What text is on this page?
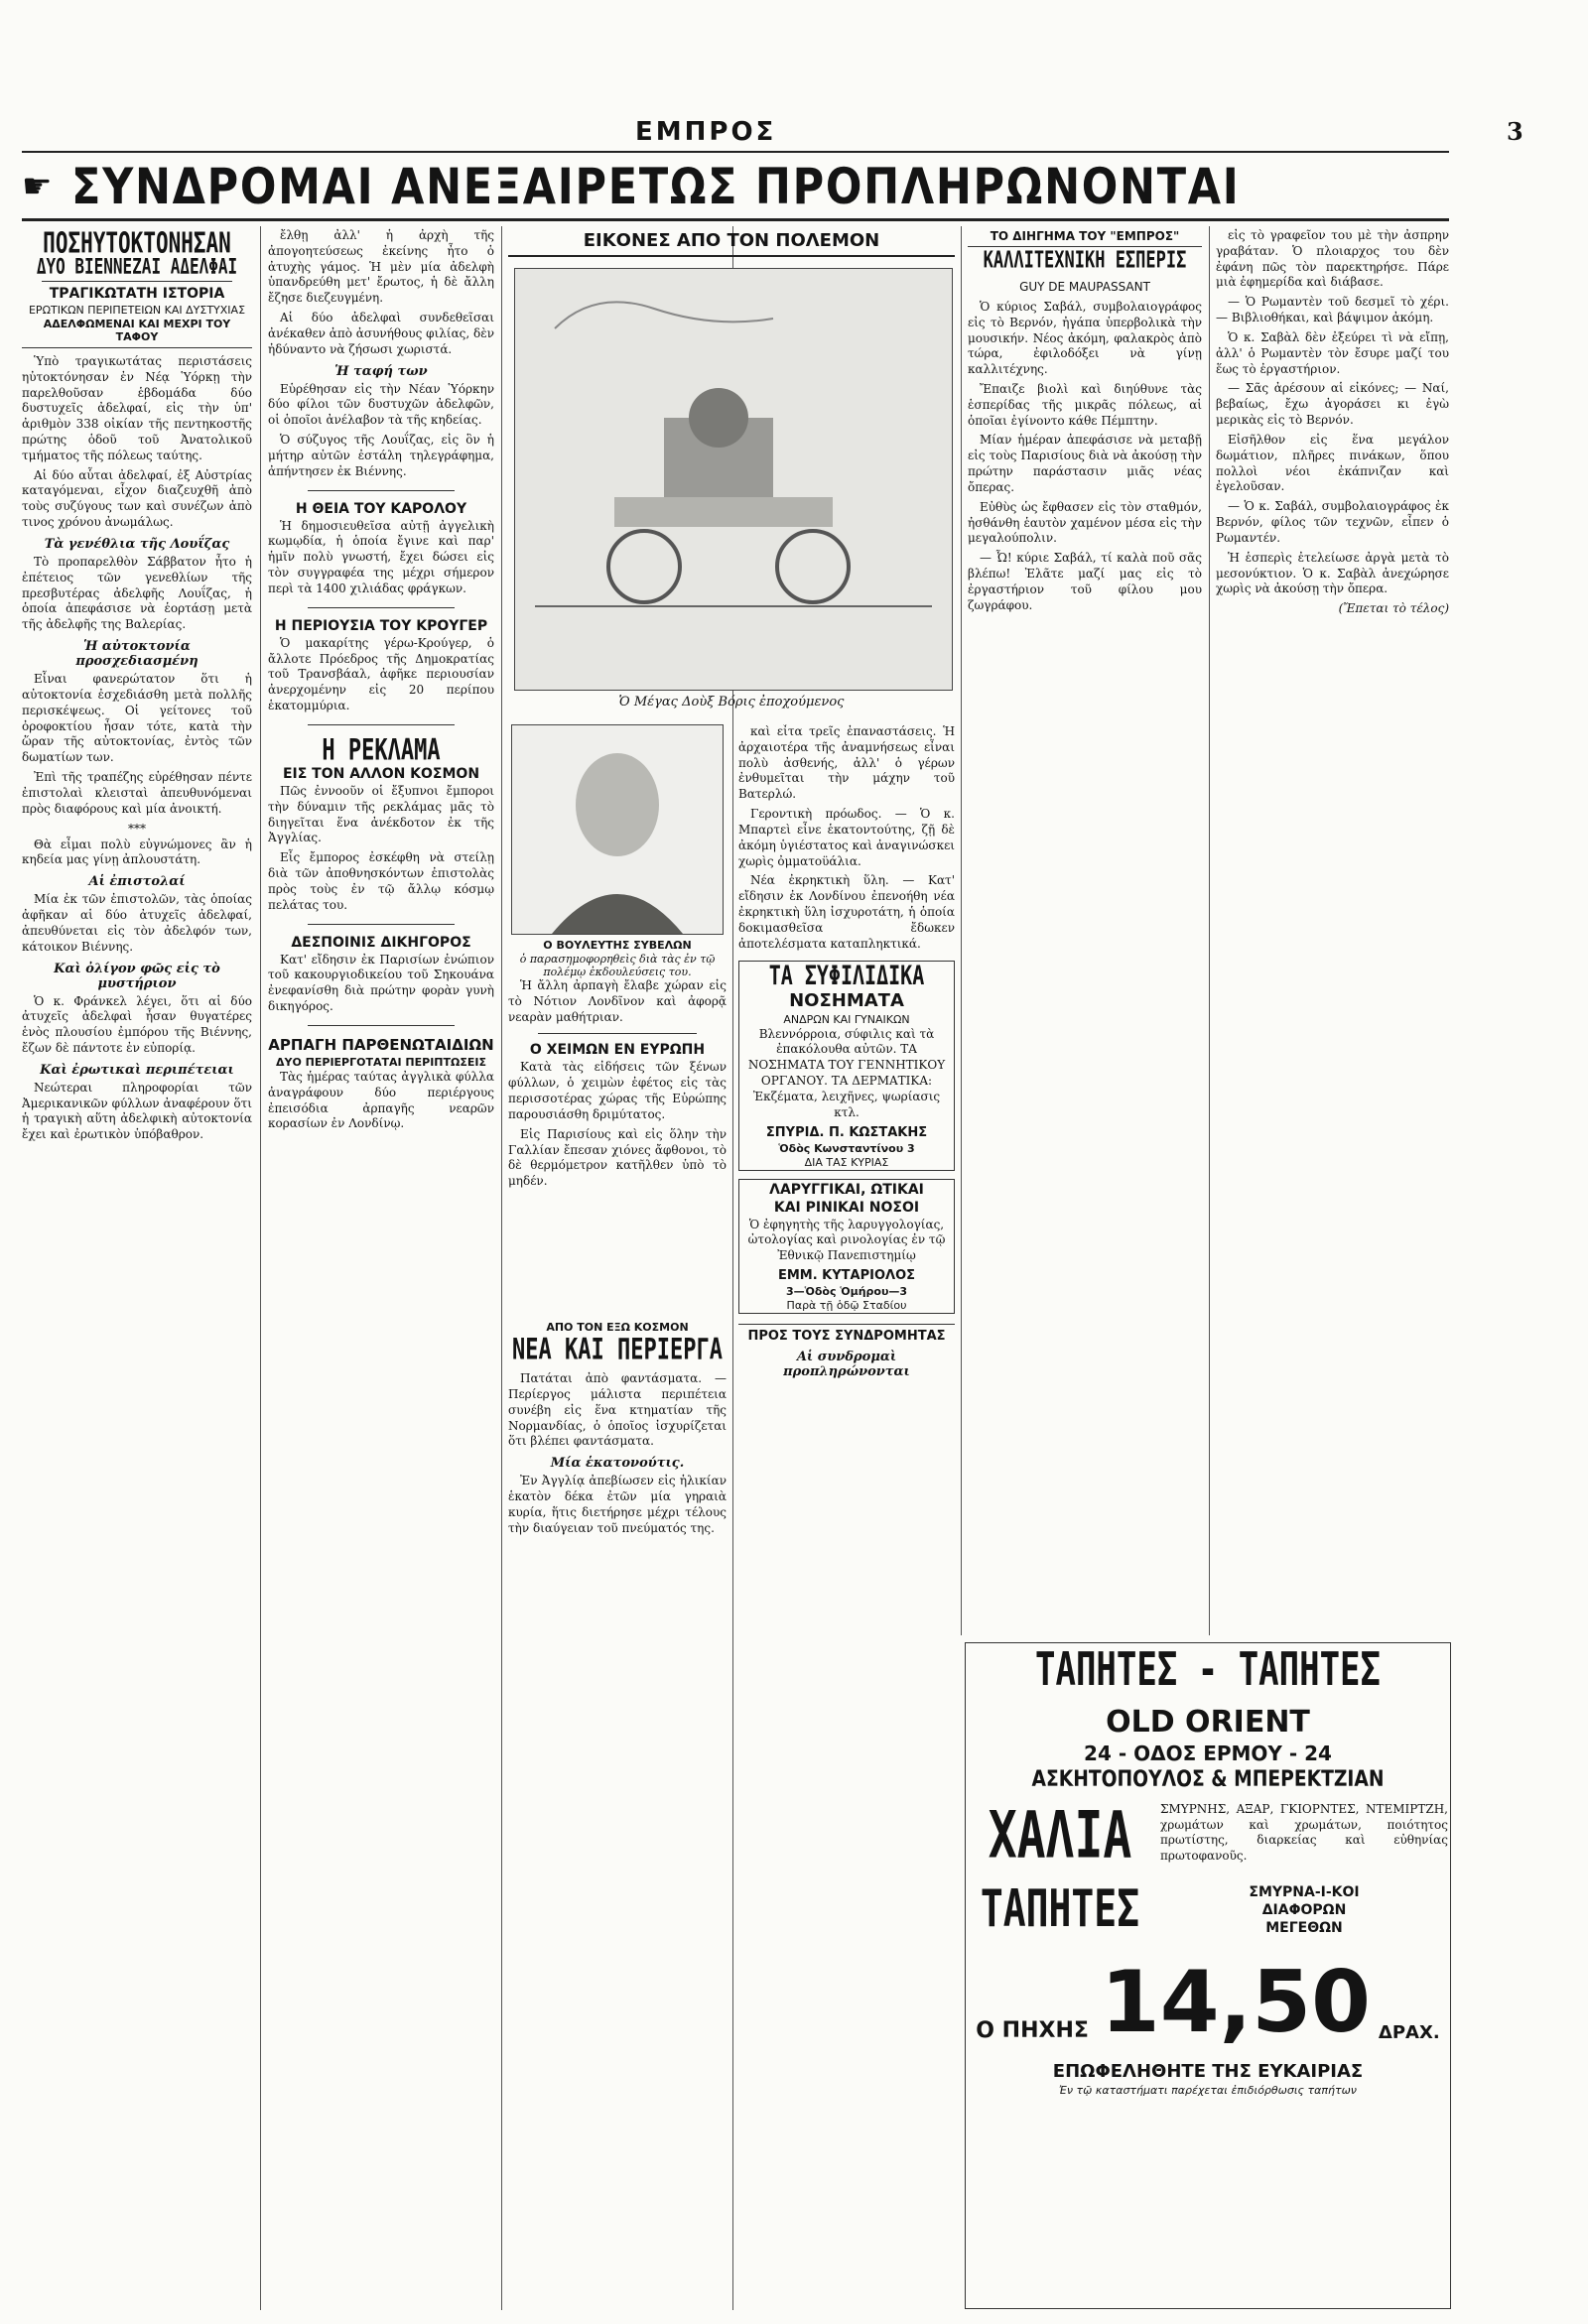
ΕΜΠΡΟΣ	3
☛ ΣΥΝΔΡΟΜΑΙ ΑΝΕΞΑΙΡΕΤΩΣ ΠΡΟΠΛΗΡΩΝΟΝΤΑΙ
ΠΟΣΗΥΤΟΚΤΟΝΗΣΑΝ
ΔΥΟ ΒΙΕΝΝΕΖΑΙ ΑΔΕΛΦΑΙ
ΤΡΑΓΙΚΩΤΑΤΗ ΙΣΤΟΡΙΑ
ΕΡΩΤΙΚΩΝ ΠΕΡΙΠΕΤΕΙΩΝ ΚΑΙ ΔΥΣΤΥΧΙΑΣ
ΑΔΕΛΦΩΜΕΝΑΙ ΚΑΙ ΜΕΧΡΙ ΤΟΥ ΤΑΦΟΥ

Ὑπὸ τραγικωτάτας περιστάσεις ηὐτοκτόνησαν ἐν Νέᾳ Ὑόρκῃ τὴν παρελθοῦσαν ἑβδομάδα δύο δυστυχεῖς ἀδελφαί, εἰς τὴν ὑπ' ἀριθμὸν 338 οἰκίαν τῆς πεντηκοστῆς πρώτης ὁδοῦ τοῦ Ἀνατολικοῦ τμήματος τῆς πόλεως ταύτης.

Αἱ δύο αὗται ἀδελφαί, ἐξ Αὐστρίας καταγόμεναι, εἶχον διαζευχθῆ ἀπὸ τοὺς συζύγους των καὶ συνέζων ἀπὸ τινος χρόνου ἀνωμάλως.

Τὰ γενέθλια τῆς Λουΐζας

Τὸ προπαρελθὸν Σάββατον ἦτο ἡ ἐπέτειος τῶν γενεθλίων τῆς πρεσβυτέρας ἀδελφῆς Λουΐζας, ἡ ὁποία ἀπεφάσισε νὰ ἑορτάσῃ μετὰ τῆς ἀδελφῆς της Βαλερίας.

Ἡ αὐτοκτονία προσχεδιασμένη

Εἶναι φανερώτατον ὅτι ἡ αὐτοκτονία ἐσχεδιάσθη μετὰ πολλῆς περισκέψεως. Οἱ γείτονες τοῦ ὀροφοκτίου ἦσαν τότε, κατὰ τὴν ὥραν τῆς αὐτοκτονίας, ἐντὸς τῶν δωματίων των.

Ἐπὶ τῆς τραπέζης εὑρέθησαν πέντε ἐπιστολαὶ κλεισταὶ ἀπευθυνόμεναι πρὸς διαφόρους καὶ μία ἀνοικτή.

***

Θὰ εἶμαι πολὺ εὐγνώμονες ἂν ἡ κηδεία μας γίνῃ ἀπλουστάτη.

Αἱ ἐπιστολαί

Μία ἐκ τῶν ἐπιστολῶν, τὰς ὁποίας ἀφῆκαν αἱ δύο ἀτυχεῖς ἀδελφαί, ἀπευθύνεται εἰς τὸν ἀδελφόν των, κάτοικον Βιέννης.

Καὶ ὀλίγον φῶς εἰς τὸ μυστήριον

Ὁ κ. Φράνκελ λέγει, ὅτι αἱ δύο ἀτυχεῖς ἀδελφαὶ ἦσαν θυγατέρες ἑνὸς πλουσίου ἐμπόρου τῆς Βιέννης, ἔζων δὲ πάντοτε ἐν εὐπορίᾳ.

Καὶ ἐρωτικαὶ περιπέτειαι

Νεώτεραι πληροφορίαι τῶν Ἀμερικανικῶν φύλλων ἀναφέρουν ὅτι ἡ τραγικὴ αὕτη ἀδελφικὴ αὐτοκτονία ἔχει καὶ ἐρωτικὸν ὑπόβαθρον.

ἔλθῃ ἀλλ' ἡ ἀρχὴ τῆς ἀπογοητεύσεως ἐκείνης ἦτο ὁ ἀτυχὴς γάμος. Ἡ μὲν μία ἀδελφὴ ὑπανδρεύθη μετ' ἔρωτος, ἡ δὲ ἄλλη ἔζησε διεζευγμένη.

Αἱ δύο ἀδελφαὶ συνδεθεῖσαι ἀνέκαθεν ἀπὸ ἀσυνήθους φιλίας, δὲν ἠδύναντο νὰ ζήσωσι χωριστά.

Ἡ ταφή των

Εὑρέθησαν εἰς τὴν Νέαν Ὑόρκην δύο φίλοι τῶν δυστυχῶν ἀδελφῶν, οἱ ὁποῖοι ἀνέλαβον τὰ τῆς κηδείας.

Ὁ σύζυγος τῆς Λουΐζας, εἰς ὃν ἡ μήτηρ αὐτῶν ἐστάλη τηλεγράφημα, ἀπήντησεν ἐκ Βιέννης.

Η ΘΕΙΑ ΤΟΥ ΚΑΡΟΛΟΥ

Ἡ δημοσιευθεῖσα αὐτῇ ἀγγελικὴ κωμῳδία, ἡ ὁποία ἔγινε καὶ παρ' ἡμῖν πολὺ γνωστή, ἔχει δώσει εἰς τὸν συγγραφέα της μέχρι σήμερον περὶ τὰ 1400 χιλιάδας φράγκων.

Η ΠΕΡΙΟΥΣΙΑ ΤΟΥ ΚΡΟΥΓΕΡ

Ὁ μακαρίτης γέρω-Κρούγερ, ὁ ἄλλοτε Πρόεδρος τῆς Δημοκρατίας τοῦ Τρανσβάαλ, ἀφῆκε περιουσίαν ἀνερχομένην εἰς 20 περίπου ἑκατομμύρια.

Η ΡΕΚΛΑΜΑ
ΕΙΣ ΤΟΝ ΑΛΛΟΝ ΚΟΣΜΟΝ

Πῶς ἐννοοῦν οἱ ἔξυπνοι ἔμποροι τὴν δύναμιν τῆς ρεκλάμας μᾶς τὸ διηγεῖται ἕνα ἀνέκδοτον ἐκ τῆς Ἀγγλίας.

Εἶς ἔμπορος ἐσκέφθη νὰ στείλῃ διὰ τῶν ἀποθνησκόντων ἐπιστολὰς πρὸς τοὺς ἐν τῷ ἄλλῳ κόσμῳ πελάτας του.

ΔΕΣΠΟΙΝΙΣ ΔΙΚΗΓΟΡΟΣ

Κατ' εἴδησιν ἐκ Παρισίων ἐνώπιον τοῦ κακουργιοδικείου τοῦ Σηκουάνα ἐνεφανίσθη διὰ πρώτην φορὰν γυνὴ δικηγόρος.

ΑΡΠΑΓΗ ΠΑΡΘΕΝΩΤΑΙΔΙΩΝ
ΔΥΟ ΠΕΡΙΕΡΓΟΤΑΤΑΙ ΠΕΡΙΠΤΩΣΕΙΣ

Τὰς ἡμέρας ταύτας ἀγγλικὰ φύλλα ἀναγράφουν δύο περιέργους ἐπεισόδια ἀρπαγῆς νεαρῶν κορασίων ἐν Λονδίνῳ.

ΕΙΚΟΝΕΣ ΑΠΟ ΤΟΝ ΠΟΛΕΜΟΝ
Ὁ Μέγας Δοὺξ Βόρις ἐποχούμενος
Ο ΒΟΥΛΕΥΤΗΣ ΣΥΒΕΛΩΝ
ὁ παρασημοφορηθεὶς διὰ τὰς ἐν τῷ πολέμῳ ἐκδουλεύσεις του.

Ἡ ἄλλη ἀρπαγὴ ἔλαβε χώραν εἰς τὸ Νότιον Λονδῖνον καὶ ἀφορᾷ νεαρὰν μαθήτριαν.

Ο ΧΕΙΜΩΝ ΕΝ ΕΥΡΩΠΗ

Κατὰ τὰς εἰδήσεις τῶν ξένων φύλλων, ὁ χειμὼν ἐφέτος εἰς τὰς περισσοτέρας χώρας τῆς Εὐρώπης παρουσιάσθη δριμύτατος.

Εἰς Παρισίους καὶ εἰς ὅλην τὴν Γαλλίαν ἔπεσαν χιόνες ἄφθονοι, τὸ δὲ θερμόμετρον κατῆλθεν ὑπὸ τὸ μηδέν.

ΑΠΟ ΤΟΝ ΕΞΩ ΚΟΣΜΟΝ
ΝΕΑ ΚΑΙ ΠΕΡΙΕΡΓΑ

Πατάται ἀπὸ φαντάσματα. — Περίεργος μάλιστα περιπέτεια συνέβη εἰς ἕνα κτηματίαν τῆς Νορμανδίας, ὁ ὁποῖος ἰσχυρίζεται ὅτι βλέπει φαντάσματα.

Μία ἑκατονούτις.

Ἐν Ἀγγλίᾳ ἀπεβίωσεν εἰς ἡλικίαν ἑκατὸν δέκα ἐτῶν μία γηραιὰ κυρία, ἥτις διετήρησε μέχρι τέλους τὴν διαύγειαν τοῦ πνεύματός της.

καὶ εἶτα τρεῖς ἐπαναστάσεις. Ἡ ἀρχαιοτέρα τῆς ἀναμνήσεως εἶναι πολὺ ἀσθενής, ἀλλ' ὁ γέρων ἐνθυμεῖται τὴν μάχην τοῦ Βατερλώ.

Γεροντικὴ πρόωδος. — Ὁ κ. Μπαρτεὶ εἶνε ἑκατοντούτης, ζῇ δὲ ἀκόμη ὑγιέστατος καὶ ἀναγινώσκει χωρὶς ὀμματοϋάλια.

Νέα ἐκρηκτικὴ ὕλη. — Κατ' εἴδησιν ἐκ Λονδίνου ἐπενοήθη νέα ἐκρηκτικὴ ὕλη ἰσχυροτάτη, ἡ ὁποία δοκιμασθεῖσα ἔδωκεν ἀποτελέσματα καταπληκτικά.

ΤΑ ΣΥΦΙΛΙΔΙΚΑ
ΝΟΣΗΜΑΤΑ
ΑΝΔΡΩΝ ΚΑΙ ΓΥΝΑΙΚΩΝ

Βλεννόρροια, σύφιλις καὶ τὰ ἐπακόλουθα αὐτῶν. ΤΑ ΝΟΣΗΜΑΤΑ ΤΟΥ ΓΕΝΝΗΤΙΚΟΥ ΟΡΓΑΝΟΥ. ΤΑ ΔΕΡΜΑΤΙΚΑ: Ἐκζέματα, λειχῆνες, ψωρίασις κτλ.

ΣΠΥΡΙΔ. Π. ΚΩΣΤΑΚΗΣ
Ὁδὸς Κωνσταντίνου 3
ΔΙΑ ΤΑΣ ΚΥΡΙΑΣ
ΛΑΡΥΓΓΙΚΑΙ, ΩΤΙΚΑΙ
ΚΑΙ ΡΙΝΙΚΑΙ ΝΟΣΟΙ

Ὁ ἐφηγητὴς τῆς λαρυγγολογίας, ὠτολογίας καὶ ρινολογίας ἐν τῷ Ἐθνικῷ Πανεπιστημίῳ

ΕΜΜ. ΚΥΤΑΡΙΟΛΟΣ
3—Ὁδὸς Ὁμήρου—3
Παρὰ τῇ ὁδῷ Σταδίου
ΠΡΟΣ ΤΟΥΣ ΣΥΝΔΡΟΜΗΤΑΣ
Αἱ συνδρομαὶ προπληρώνονται
ΤΟ ΔΙΗΓΗΜΑ ΤΟΥ "ΕΜΠΡΟΣ"
ΚΑΛΛΙΤΕΧΝΙΚΗ ΕΣΠΕΡΙΣ
GUY DE MAUPASSANT

Ὁ κύριος Σαβάλ, συμβολαιογράφος εἰς τὸ Βερνόν, ἠγάπα ὑπερβολικὰ τὴν μουσικήν. Νέος ἀκόμη, φαλακρὸς ἀπὸ τώρα, ἐφιλοδόξει νὰ γίνῃ καλλιτέχνης.

Ἔπαιζε βιολὶ καὶ διηύθυνε τὰς ἑσπερίδας τῆς μικρᾶς πόλεως, αἱ ὁποῖαι ἐγίνοντο κάθε Πέμπτην.

Μίαν ἡμέραν ἀπεφάσισε νὰ μεταβῇ εἰς τοὺς Παρισίους διὰ νὰ ἀκούσῃ τὴν πρώτην παράστασιν μιᾶς νέας ὄπερας.

Εὐθὺς ὡς ἔφθασεν εἰς τὸν σταθμόν, ἠσθάνθη ἑαυτὸν χαμένον μέσα εἰς τὴν μεγαλούπολιν.

— Ὦ! κύριε Σαβάλ, τί καλὰ ποῦ σᾶς βλέπω! Ἐλᾶτε μαζί μας εἰς τὸ ἐργαστήριον τοῦ φίλου μου ζωγράφου.

εἰς τὸ γραφεῖον του μὲ τὴν ἀσπρην γραβάταν. Ὁ πλοιαρχος του δὲν ἐφάνη πῶς τὸν παρεκτηρήσε. Πάρε μιὰ ἐφημερίδα καὶ διάβασε.

— Ὁ Ρωμαντὲν τοῦ δεσμεῖ τὸ χέρι. — Βιβλιοθήκαι, καὶ βάψιμον ἀκόμη.

Ὁ κ. Σαβὰλ δὲν ἐξεύρει τὶ νὰ εἴπῃ, ἀλλ' ὁ Ρωμαντὲν τὸν ἔσυρε μαζί του ἕως τὸ ἐργαστήριον.

— Σᾶς ἀρέσουν αἱ εἰκόνες; — Ναί, βεβαίως, ἔχω ἀγοράσει κι ἐγὼ μερικὰς εἰς τὸ Βερνόν.

Εἰσῆλθον εἰς ἕνα μεγάλον δωμάτιον, πλῆρες πινάκων, ὅπου πολλοὶ νέοι ἐκάπνιζαν καὶ ἐγελοῦσαν.

— Ὁ κ. Σαβάλ, συμβολαιογράφος ἐκ Βερνόν, φίλος τῶν τεχνῶν, εἶπεν ὁ Ρωμαντέν.

Ἡ ἑσπερὶς ἐτελείωσε ἀργὰ μετὰ τὸ μεσονύκτιον. Ὁ κ. Σαβὰλ ἀνεχώρησε χωρὶς νὰ ἀκούσῃ τὴν ὄπερα.

(Ἔπεται τὸ τέλος)
ΤΑΠΗΤΕΣ - ΤΑΠΗΤΕΣ
OLD ORIENT
24 - ΟΔΟΣ ΕΡΜΟΥ - 24
ΑΣΚΗΤΟΠΟΥΛΟΣ & ΜΠΕΡΕΚΤΖΙΑΝ
ΧΑΛΙΑ
ΤΑΠΗΤΕΣ

ΣΜΥΡΝΗΣ, ΑΞΑΡ, ΓΚΙΟΡΝΤΕΣ, ΝΤΕΜΙΡΤΖΗ, χρωμάτων καὶ χρωμάτων, ποιότητος πρωτίστης, διαρκείας καὶ εὐθηνίας πρωτοφανοῦς.

ΣΜΥΡΝΑ-Ι-ΚΟΙ
ΔΙΑΦΟΡΩΝ
ΜΕΓΕΘΩΝ
Ο ΠΗΧΗΣ 14,50 ΔΡΑΧ.
ΕΠΩΦΕΛΗΘΗΤΕ ΤΗΣ ΕΥΚΑΙΡΙΑΣ
Ἐν τῷ καταστήματι παρέχεται ἐπιδιόρθωσις ταπήτων
